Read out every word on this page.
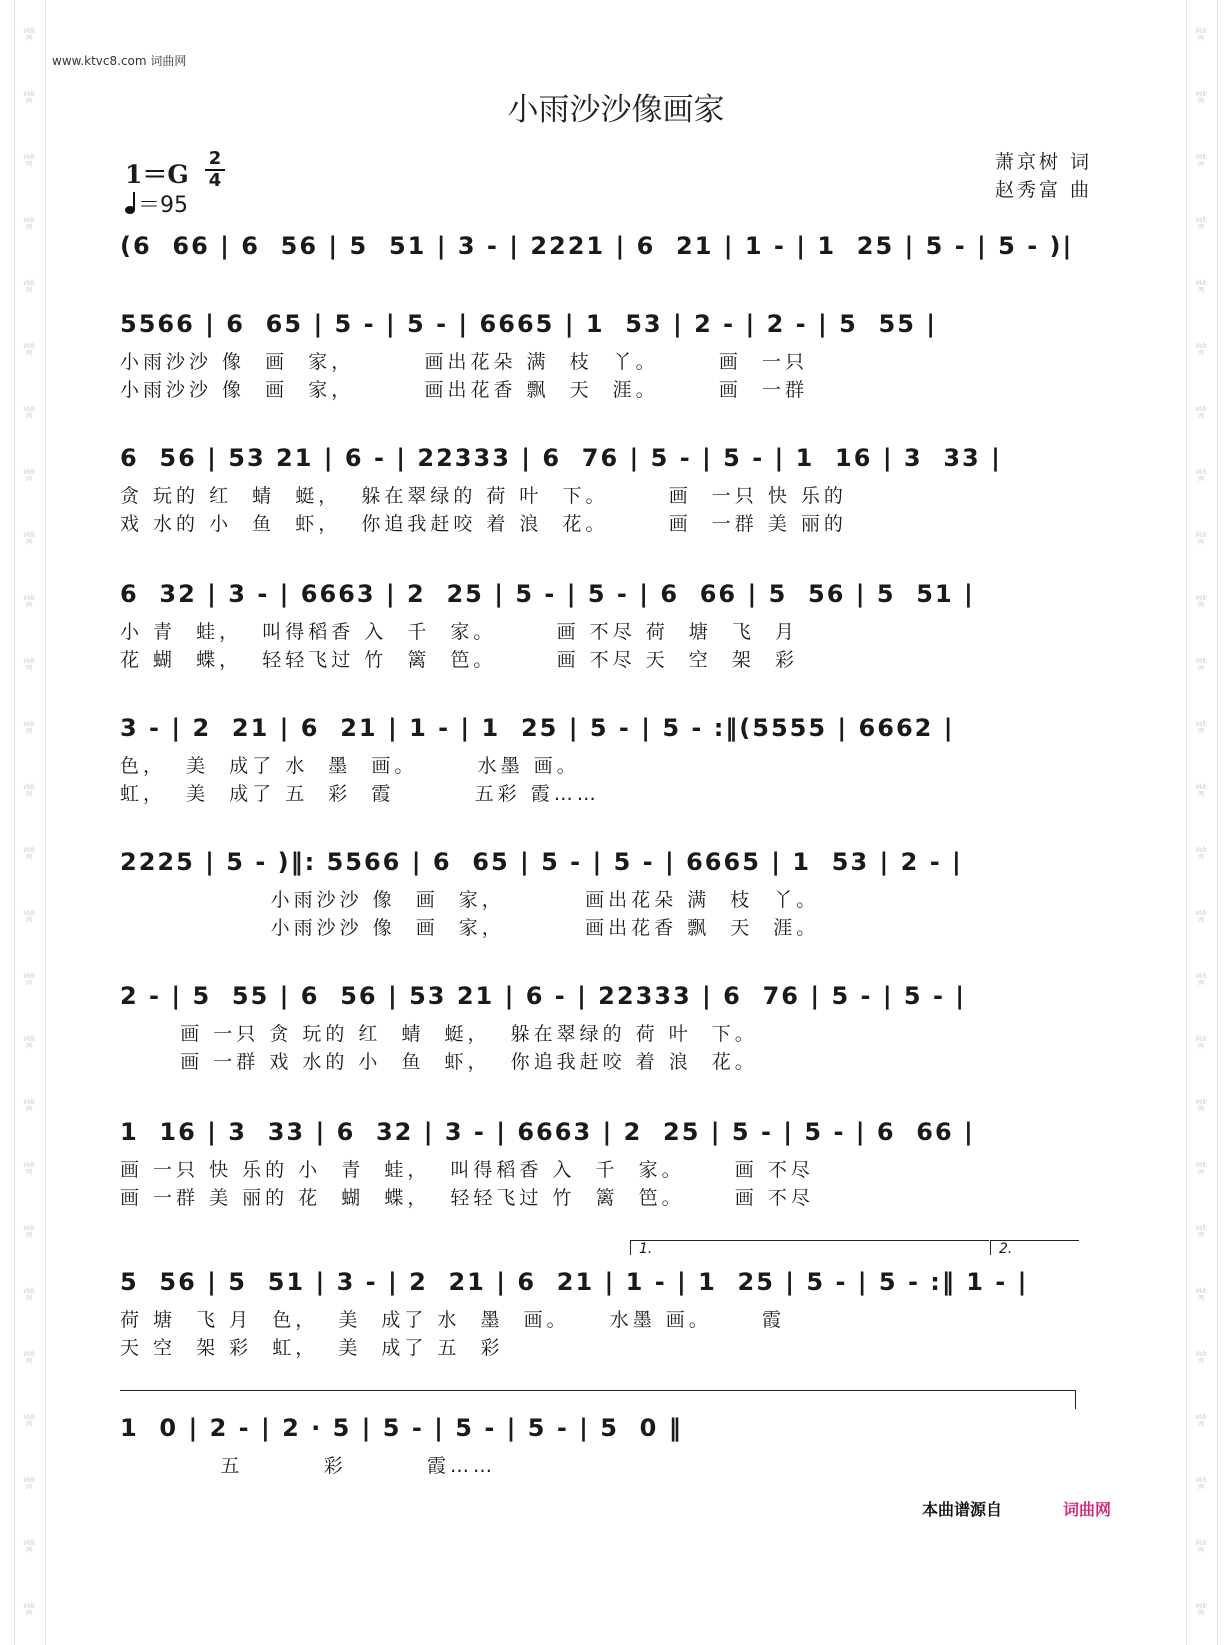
词曲网
词曲网
词曲网
词曲网
词曲网
词曲网
词曲网
词曲网
词曲网
词曲网
词曲网
词曲网
词曲网
词曲网
词曲网
词曲网
词曲网
词曲网
词曲网
词曲网
词曲网
词曲网
词曲网
词曲网
词曲网
词曲网
词曲网
词曲网
词曲网
词曲网
词曲网
词曲网
词曲网
词曲网
词曲网
词曲网
词曲网
词曲网
词曲网
词曲网
词曲网
词曲网
词曲网
词曲网
词曲网
词曲网
词曲网
词曲网
词曲网
词曲网
词曲网
词曲网
www.ktvc8.com 词曲网
小雨沙沙像画家
1＝G
2
4
＝95
萧京树 词
赵秀富 曲
(6  66 | 6  56 | 5  51 | 3 - | 2221 | 6  21 | 1 - | 1  25 | 5 - | 5 - )|
5566 | 6  65 | 5 - | 5 - | 6665 | 1  53 | 2 - | 2 - | 5  55 |
小雨沙沙 像  画  家，       画出花朵 满  枝  丫。      画  一只
小雨沙沙 像  画  家，       画出花香 飘  天  涯。      画  一群
6  56 | 53 21 | 6 - | 22333 | 6  76 | 5 - | 5 - | 1  16 | 3  33 |
贪 玩的 红  蜻  蜓，  躲在翠绿的 荷 叶  下。      画  一只 快 乐的
戏 水的 小  鱼  虾，  你追我赶咬 着 浪  花。      画  一群 美 丽的
6  32 | 3 - | 6663 | 2  25 | 5 - | 5 - | 6  66 | 5  56 | 5  51 |
小 青  蛙，  叫得稻香 入  千  家。      画 不尽 荷  塘  飞  月
花 蝴  蝶，  轻轻飞过 竹  篱  笆。      画 不尽 天  空  架  彩
3 - | 2  21 | 6  21 | 1 - | 1  25 | 5 - | 5 - :‖(5555 | 6662 |
色，  美  成了 水  墨  画。      水墨 画。
虹，  美  成了 五  彩  霞        五彩 霞……
2225 | 5 - )‖: 5566 | 6  65 | 5 - | 5 - | 6665 | 1  53 | 2 - |
小雨沙沙 像  画  家，        画出花朵 满  枝  丫。
小雨沙沙 像  画  家，        画出花香 飘  天  涯。
2 - | 5  55 | 6  56 | 53 21 | 6 - | 22333 | 6  76 | 5 - | 5 - |
画 一只 贪 玩的 红  蜻  蜓，  躲在翠绿的 荷 叶  下。
画 一群 戏 水的 小  鱼  虾，  你追我赶咬 着 浪  花。
1  16 | 3  33 | 6  32 | 3 - | 6663 | 2  25 | 5 - | 5 - | 6  66 |
画 一只 快 乐的 小  青  蛙，  叫得稻香 入  千  家。     画 不尽
画 一群 美 丽的 花  蝴  蝶，  轻轻飞过 竹  篱  笆。     画 不尽
1.	2.
5  56 | 5  51 | 3 - | 2  21 | 6  21 | 1 - | 1  25 | 5 - | 5 - :‖ 1 - |
荷 塘  飞 月  色，  美  成了 水  墨  画。    水墨 画。     霞
天 空  架 彩  虹，  美  成了 五  彩
1  0 | 2 - | 2 · 5 | 5 - | 5 - | 5 - | 5  0 ‖
五        彩        霞……
本曲谱源自	词曲网
